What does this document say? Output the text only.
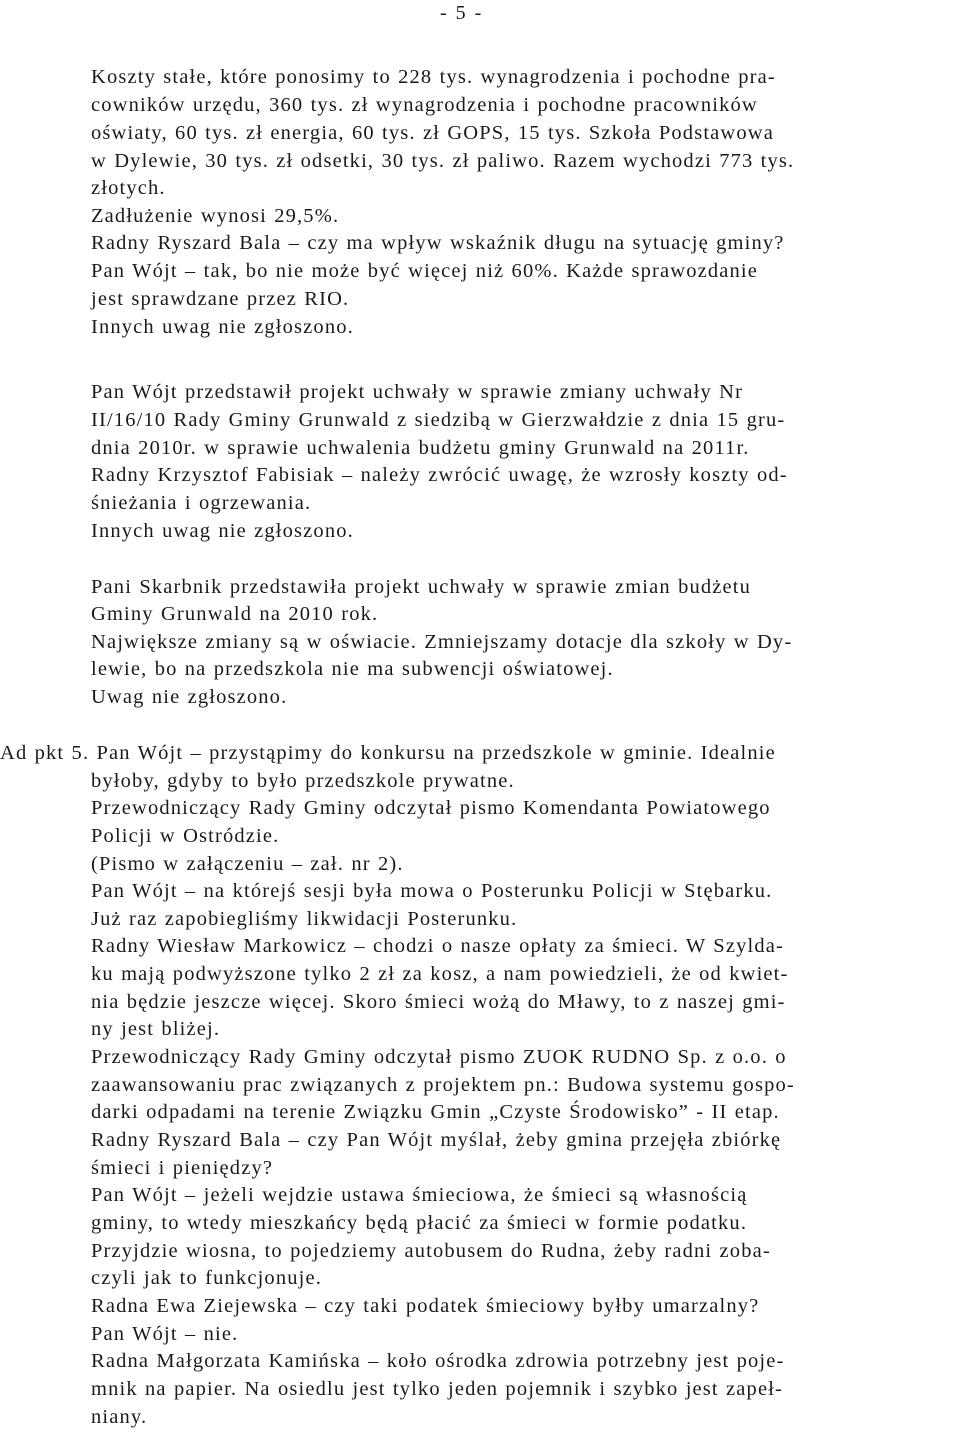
- 5 -
Koszty stałe, które ponosimy to 228 tys. wynagrodzenia i pochodne pra-
cowników urzędu, 360 tys. zł wynagrodzenia i pochodne pracowników
oświaty, 60 tys. zł energia, 60 tys. zł GOPS, 15 tys. Szkoła Podstawowa
w Dylewie, 30 tys. zł odsetki, 30 tys. zł paliwo. Razem wychodzi 773 tys.
złotych.
Zadłużenie wynosi 29,5%.
Radny Ryszard Bala – czy ma wpływ wskaźnik długu na sytuację gminy?
Pan Wójt – tak, bo nie może być więcej niż 60%. Każde sprawozdanie
jest sprawdzane przez RIO.
Innych uwag nie zgłoszono.
Pan Wójt przedstawił projekt uchwały w sprawie zmiany uchwały Nr
II/16/10 Rady Gminy Grunwald z siedzibą w Gierzwałdzie z dnia 15 gru-
dnia 2010r. w sprawie uchwalenia budżetu gminy Grunwald na 2011r.
Radny Krzysztof Fabisiak – należy zwrócić uwagę, że wzrosły koszty od-
śnieżania i ogrzewania.
Innych uwag nie zgłoszono.
Pani Skarbnik przedstawiła projekt uchwały w sprawie zmian budżetu
Gminy Grunwald na 2010 rok.
Największe zmiany są w oświacie. Zmniejszamy dotacje dla szkoły w Dy-
lewie, bo na przedszkola nie ma subwencji oświatowej.
Uwag nie zgłoszono.
Ad pkt 5. Pan Wójt – przystąpimy do konkursu na przedszkole w gminie. Idealnie
byłoby, gdyby to było przedszkole prywatne.
Przewodniczący Rady Gminy odczytał pismo Komendanta Powiatowego
Policji w Ostródzie.
(Pismo w załączeniu – zał. nr 2).
Pan Wójt – na którejś sesji była mowa o Posterunku Policji w Stębarku.
Już raz zapobiegliśmy likwidacji Posterunku.
Radny Wiesław Markowicz – chodzi o nasze opłaty za śmieci. W Szylda-
ku mają podwyższone tylko 2 zł za kosz, a nam powiedzieli, że od kwiet-
nia będzie jeszcze więcej. Skoro śmieci wożą do Mławy, to z naszej gmi-
ny jest bliżej.
Przewodniczący Rady Gminy odczytał pismo ZUOK RUDNO Sp. z o.o. o
zaawansowaniu prac związanych z projektem pn.: Budowa systemu gospo-
darki odpadami na terenie Związku Gmin „Czyste Środowisko” - II etap.
Radny Ryszard Bala – czy Pan Wójt myślał, żeby gmina przejęła zbiórkę
śmieci i pieniędzy?
Pan Wójt – jeżeli wejdzie ustawa śmieciowa, że śmieci są własnością
gminy, to wtedy mieszkańcy będą płacić za śmieci w formie podatku.
Przyjdzie wiosna, to pojedziemy autobusem do Rudna, żeby radni zoba-
czyli jak to funkcjonuje.
Radna Ewa Ziejewska – czy taki podatek śmieciowy byłby umarzalny?
Pan Wójt – nie.
Radna Małgorzata Kamińska – koło ośrodka zdrowia potrzebny jest poje-
mnik na papier. Na osiedlu jest tylko jeden pojemnik i szybko jest zapeł-
niany.
